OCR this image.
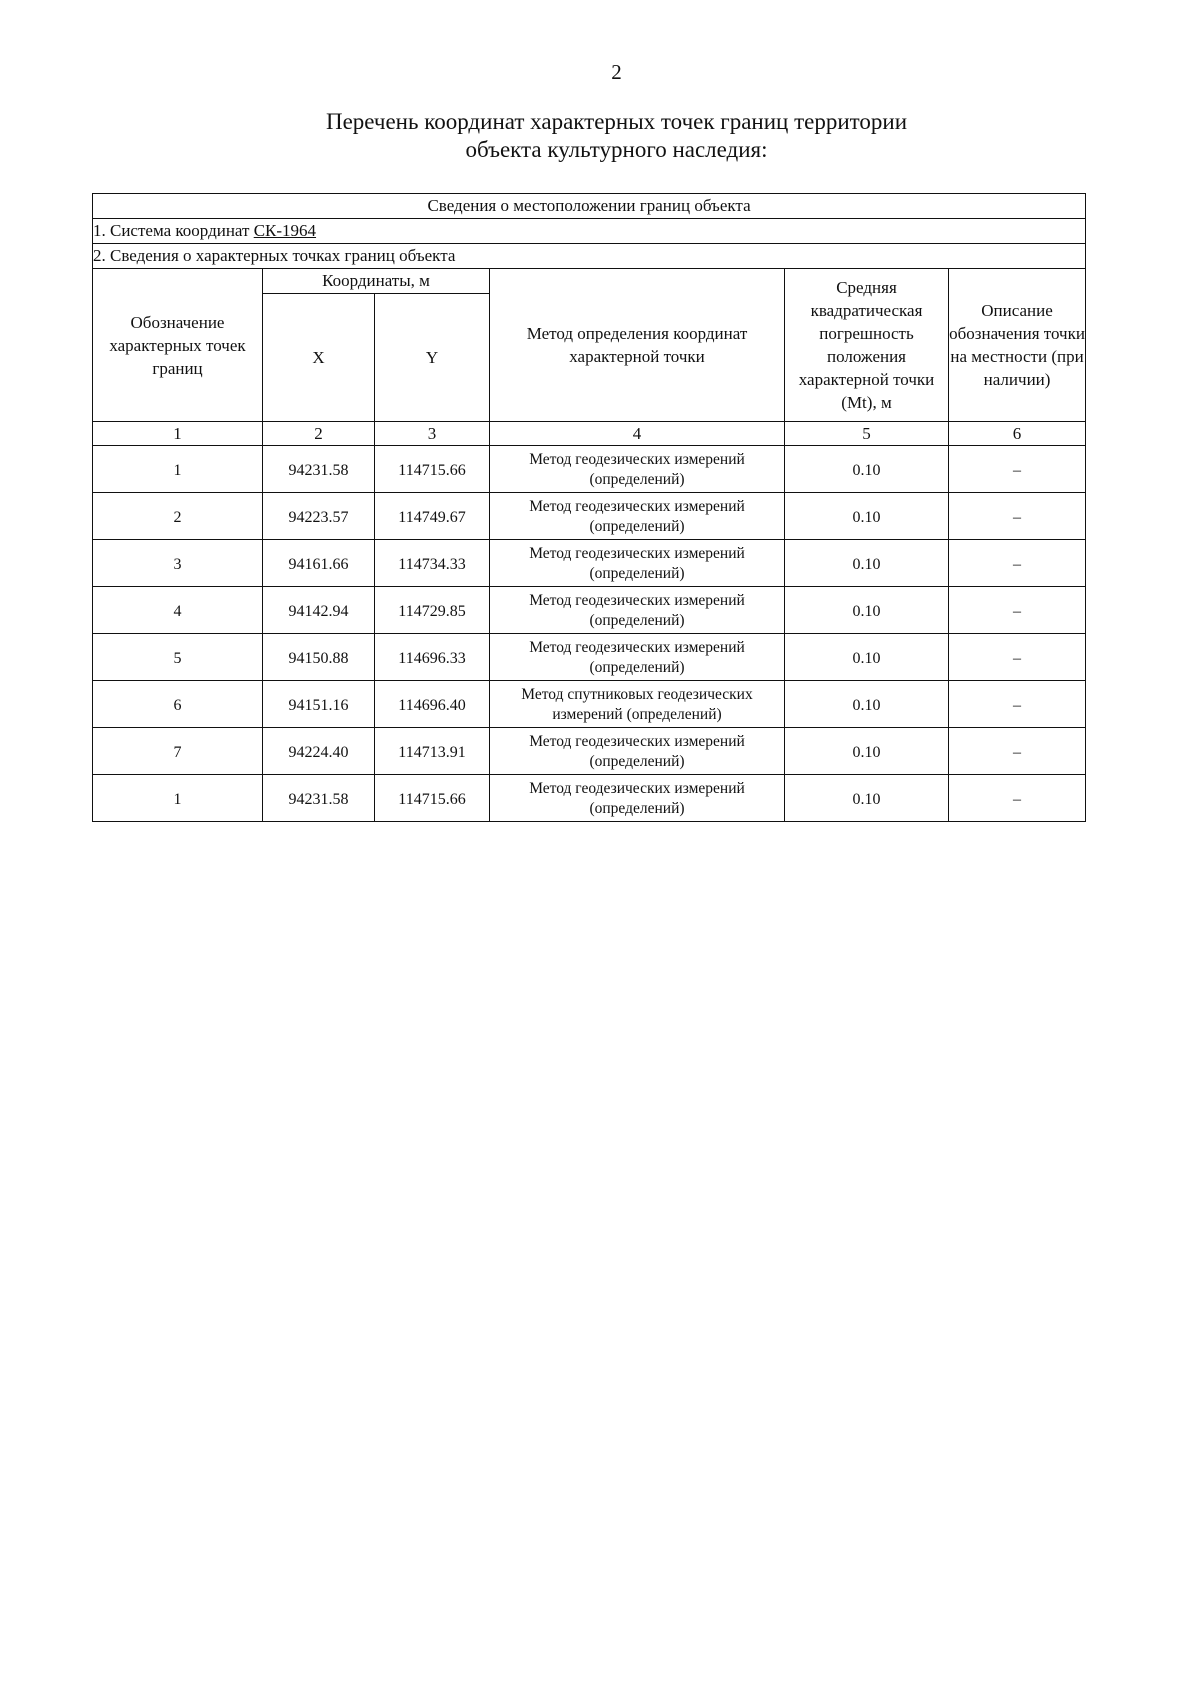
2
Перечень координат характерных точек границ территории
объекта культурного наследия:
Сведения о местоположении границ объекта					
1. Система координат СК-1964					
2. Сведения о характерных точках границ объекта					
Обозначение характерных точек границ	Координаты, м		Метод определения координат характерной точки	Средняя квадратическая погрешность положения характерной точки (Mt), м	Описание обозначения точки на местности (при наличии)
	X	Y			
1	2	3	4	5	6
1	94231.58	114715.66	Метод геодезических измерений (определений)	0.10	–
2	94223.57	114749.67	Метод геодезических измерений (определений)	0.10	–
3	94161.66	114734.33	Метод геодезических измерений (определений)	0.10	–
4	94142.94	114729.85	Метод геодезических измерений (определений)	0.10	–
5	94150.88	114696.33	Метод геодезических измерений (определений)	0.10	–
6	94151.16	114696.40	Метод спутниковых геодезических измерений (определений)	0.10	–
7	94224.40	114713.91	Метод геодезических измерений (определений)	0.10	–
1	94231.58	114715.66	Метод геодезических измерений (определений)	0.10	–
